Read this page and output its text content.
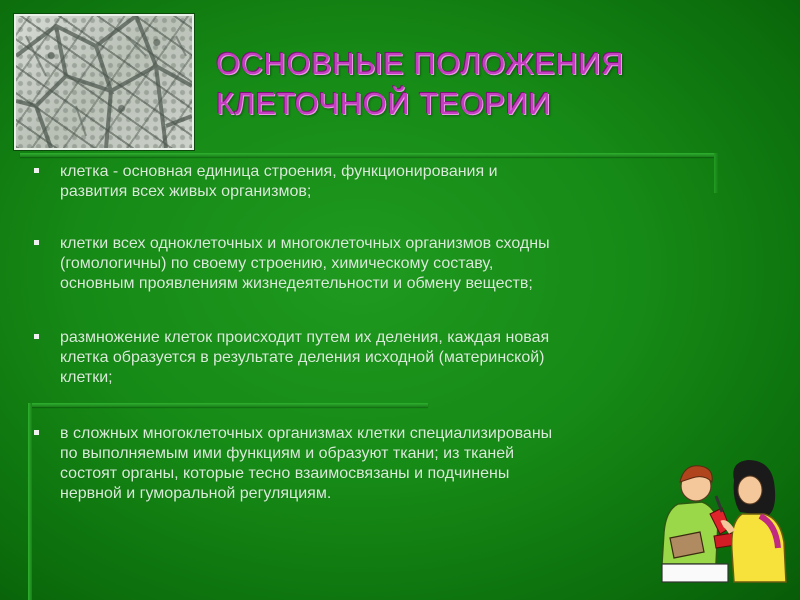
ОСНОВНЫЕ ПОЛОЖЕНИЯ
КЛЕТОЧНОЙ ТЕОРИИ
клетка - основная единица строения, функционирования и
развития всех живых организмов;
клетки всех одноклеточных и многоклеточных организмов сходны
(гомологичны) по своему строению, химическому составу,
основным проявлениям жизнедеятельности и обмену веществ;
размножение клеток происходит путем их деления, каждая новая
клетка образуется в результате деления исходной (материнской)
клетки;
в сложных многоклеточных организмах клетки специализированы
по выполняемым ими функциям и образуют ткани; из тканей
состоят органы, которые тесно взаимосвязаны и подчинены
нервной и гуморальной регуляциям.
